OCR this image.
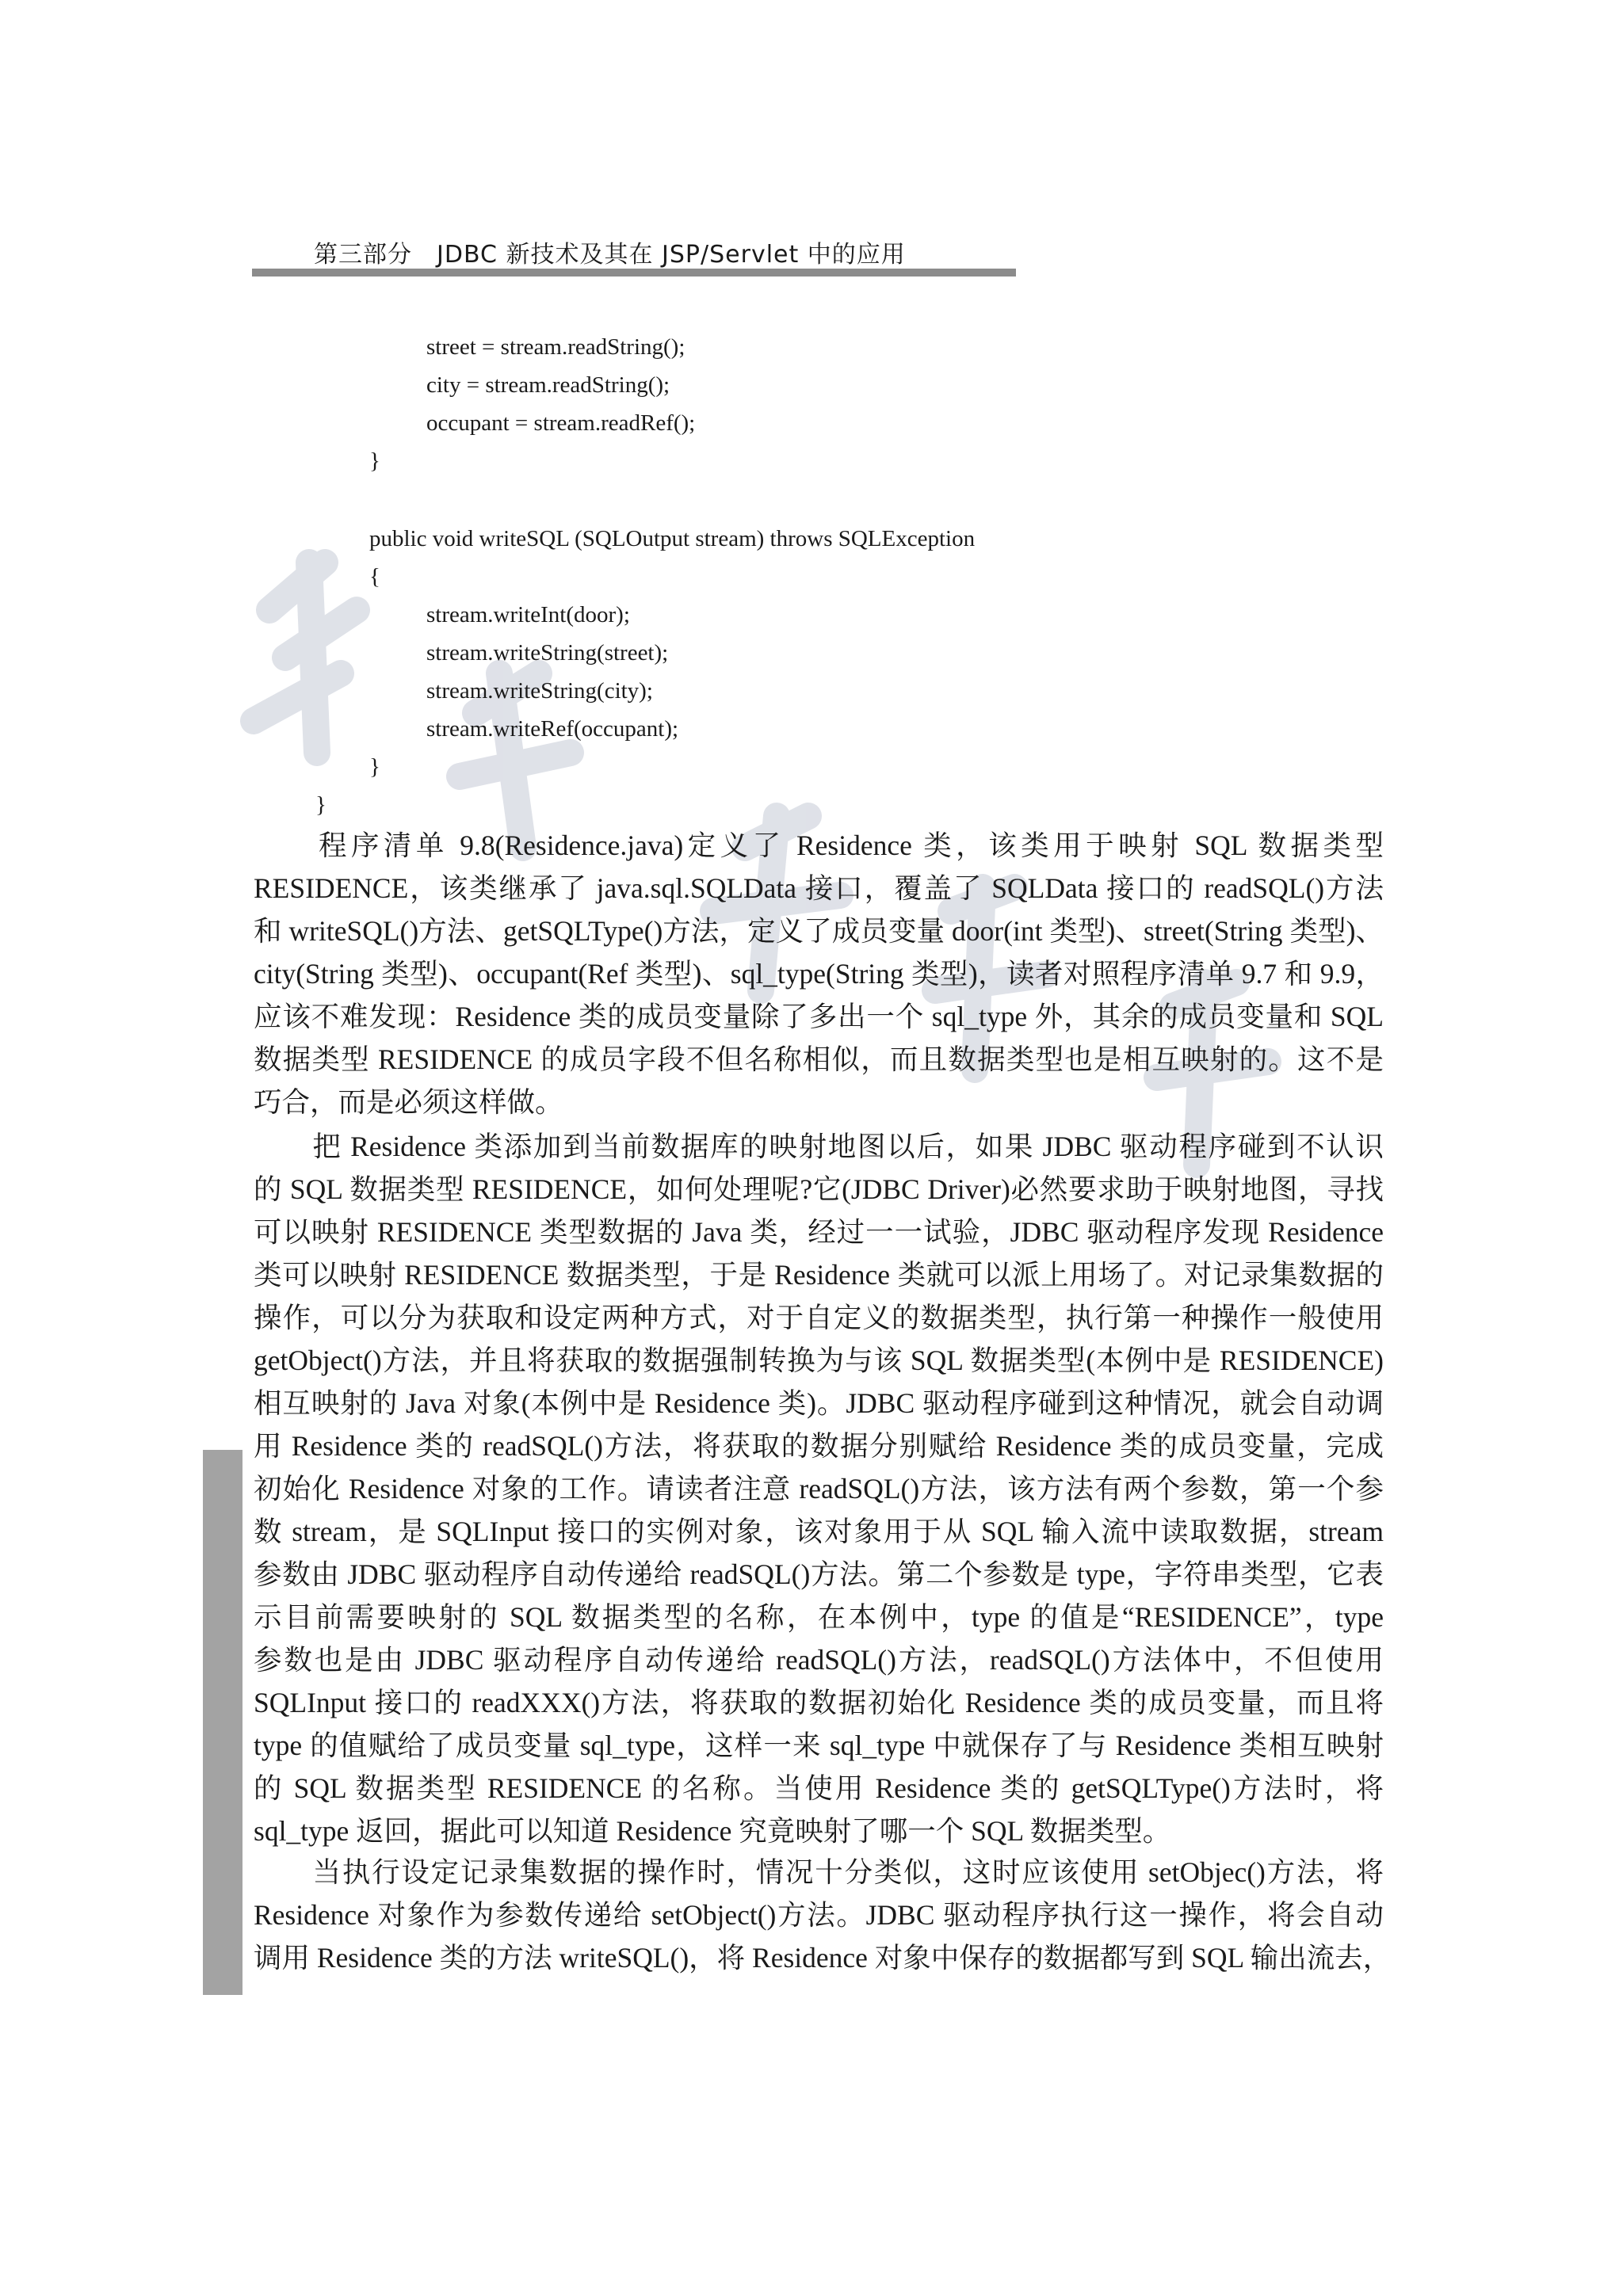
第三部分　JDBC 新技术及其在 JSP/Servlet 中的应用
street = stream.readString();
city = stream.readString();
occupant = stream.readRef();
}
public void writeSQL (SQLOutput stream) throws SQLException
{
stream.writeInt(door);
stream.writeString(street);
stream.writeString(city);
stream.writeRef(occupant);
}
}
　　程序清单 9.8(Residence.java)定义了 Residence 类，该类用于映射 SQL 数据类型
RESIDENCE，该类继承了 java.sql.SQLData 接口，覆盖了 SQLData 接口的 readSQL()方法
和 writeSQL()方法、getSQLType()方法，定义了成员变量 door(int 类型)、street(String 类型)、
city(String 类型)、occupant(Ref 类型)、sql_type(String 类型)，读者对照程序清单 9.7 和 9.9，
应该不难发现：Residence 类的成员变量除了多出一个 sql_type 外，其余的成员变量和 SQL
数据类型 RESIDENCE 的成员字段不但名称相似，而且数据类型也是相互映射的。这不是
巧合，而是必须这样做。
　　把 Residence 类添加到当前数据库的映射地图以后，如果 JDBC 驱动程序碰到不认识
的 SQL 数据类型 RESIDENCE，如何处理呢?它(JDBC Driver)必然要求助于映射地图，寻找
可以映射 RESIDENCE 类型数据的 Java 类，经过一一试验，JDBC 驱动程序发现 Residence
类可以映射 RESIDENCE 数据类型，于是 Residence 类就可以派上用场了。对记录集数据的
操作，可以分为获取和设定两种方式，对于自定义的数据类型，执行第一种操作一般使用
getObject()方法，并且将获取的数据强制转换为与该 SQL 数据类型(本例中是 RESIDENCE)
相互映射的 Java 对象(本例中是 Residence 类)。JDBC 驱动程序碰到这种情况，就会自动调
用 Residence 类的 readSQL()方法，将获取的数据分别赋给 Residence 类的成员变量，完成
初始化 Residence 对象的工作。请读者注意 readSQL()方法，该方法有两个参数，第一个参
数 stream，是 SQLInput 接口的实例对象，该对象用于从 SQL 输入流中读取数据，stream
参数由 JDBC 驱动程序自动传递给 readSQL()方法。第二个参数是 type，字符串类型，它表
示目前需要映射的 SQL 数据类型的名称，在本例中，type 的值是“RESIDENCE”，type
参数也是由 JDBC 驱动程序自动传递给 readSQL()方法，readSQL()方法体中，不但使用
SQLInput 接口的 readXXX()方法，将获取的数据初始化 Residence 类的成员变量，而且将
type 的值赋给了成员变量 sql_type，这样一来 sql_type 中就保存了与 Residence 类相互映射
的 SQL 数据类型 RESIDENCE 的名称。当使用 Residence 类的 getSQLType()方法时，将
sql_type 返回，据此可以知道 Residence 究竟映射了哪一个 SQL 数据类型。
　　当执行设定记录集数据的操作时，情况十分类似，这时应该使用 setObjec()方法，将
Residence 对象作为参数传递给 setObject()方法。JDBC 驱动程序执行这一操作，将会自动
调用 Residence 类的方法 writeSQL()，将 Residence 对象中保存的数据都写到 SQL 输出流去，
